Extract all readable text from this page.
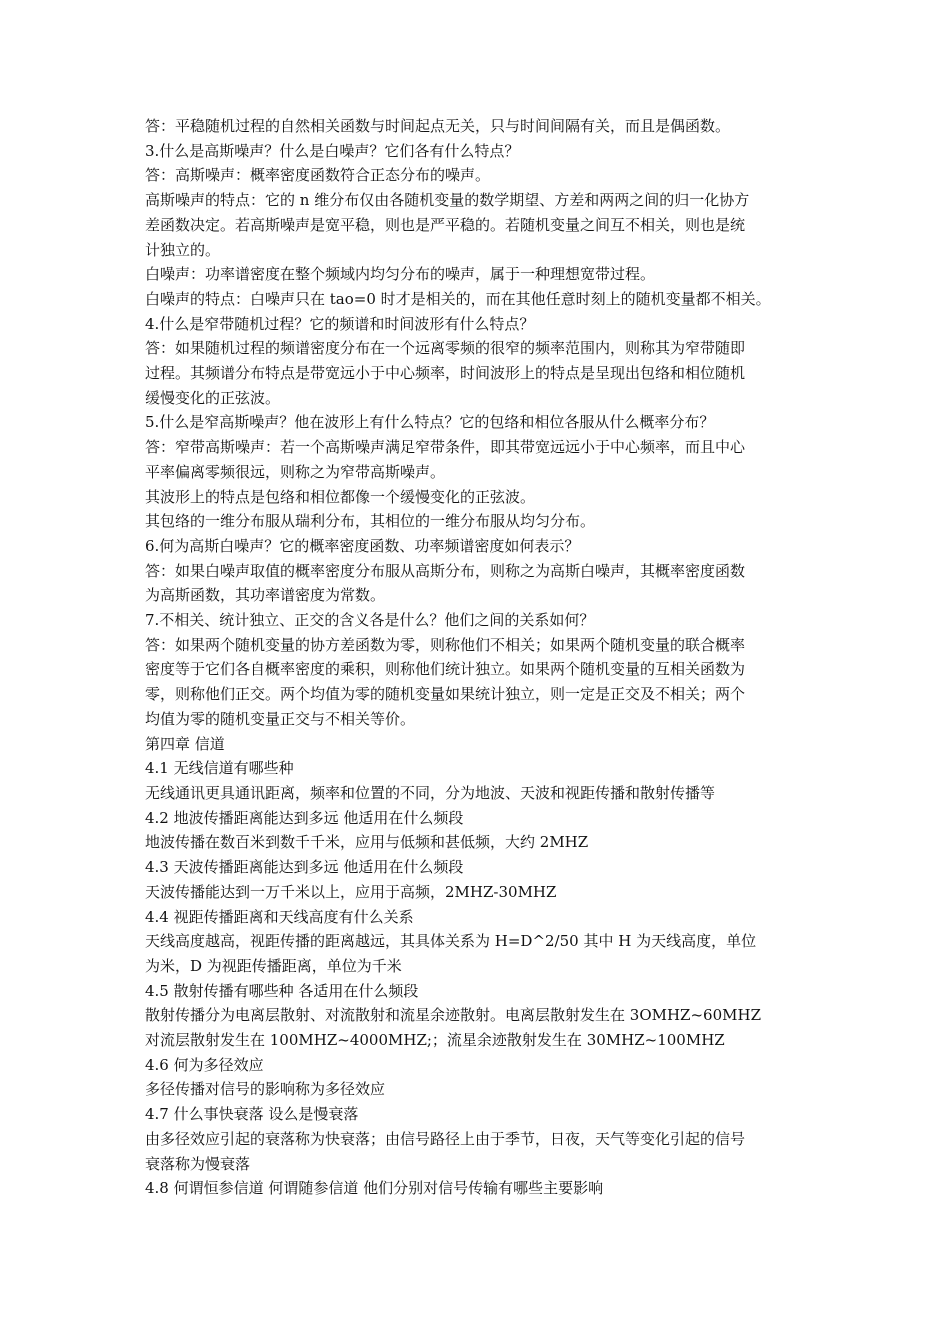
答：平稳随机过程的自然相关函数与时间起点无关，只与时间间隔有关，而且是偶函数。

3.什么是高斯噪声？什么是白噪声？它们各有什么特点？

答：高斯噪声：概率密度函数符合正态分布的噪声。

高斯噪声的特点：它的 n 维分布仅由各随机变量的数学期望、方差和两两之间的归一化协方

差函数决定。若高斯噪声是宽平稳，则也是严平稳的。若随机变量之间互不相关，则也是统

计独立的。

白噪声：功率谱密度在整个频域内均匀分布的噪声，属于一种理想宽带过程。

白噪声的特点：白噪声只在 tao=0 时才是相关的，而在其他任意时刻上的随机变量都不相关。

4.什么是窄带随机过程？它的频谱和时间波形有什么特点？

答：如果随机过程的频谱密度分布在一个远离零频的很窄的频率范围内，则称其为窄带随即

过程。其频谱分布特点是带宽远小于中心频率，时间波形上的特点是呈现出包络和相位随机

缓慢变化的正弦波。

5.什么是窄高斯噪声？他在波形上有什么特点？它的包络和相位各服从什么概率分布？

答：窄带高斯噪声：若一个高斯噪声满足窄带条件，即其带宽远远小于中心频率，而且中心

平率偏离零频很远，则称之为窄带高斯噪声。

其波形上的特点是包络和相位都像一个缓慢变化的正弦波。

其包络的一维分布服从瑞利分布，其相位的一维分布服从均匀分布。

6.何为高斯白噪声？它的概率密度函数、功率频谱密度如何表示？

答：如果白噪声取值的概率密度分布服从高斯分布，则称之为高斯白噪声，其概率密度函数

为高斯函数，其功率谱密度为常数。

7.不相关、统计独立、正交的含义各是什么？他们之间的关系如何？

答：如果两个随机变量的协方差函数为零，则称他们不相关；如果两个随机变量的联合概率

密度等于它们各自概率密度的乘积，则称他们统计独立。如果两个随机变量的互相关函数为

零，则称他们正交。两个均值为零的随机变量如果统计独立，则一定是正交及不相关；两个

均值为零的随机变量正交与不相关等价。

第四章 信道

4.1 无线信道有哪些种

无线通讯更具通讯距离，频率和位置的不同，分为地波、天波和视距传播和散射传播等

4.2 地波传播距离能达到多远 他适用在什么频段

地波传播在数百米到数千千米，应用与低频和甚低频，大约 2MHZ

4.3 天波传播距离能达到多远 他适用在什么频段

天波传播能达到一万千米以上，应用于高频，2MHZ-30MHZ

4.4 视距传播距离和天线高度有什么关系

天线高度越高，视距传播的距离越远，其具体关系为 H=D^2/50 其中 H 为天线高度，单位

为米，D 为视距传播距离，单位为千米

4.5 散射传播有哪些种 各适用在什么频段

散射传播分为电离层散射、对流散射和流星余迹散射。电离层散射发生在 3OMHZ~60MHZ

对流层散射发生在 100MHZ~4000MHZ;；流星余迹散射发生在 30MHZ~100MHZ

4.6 何为多径效应

多径传播对信号的影响称为多径效应

4.7 什么事快衰落 设么是慢衰落

由多径效应引起的衰落称为快衰落；由信号路径上由于季节，日夜，天气等变化引起的信号

衰落称为慢衰落

4.8 何谓恒参信道 何谓随参信道 他们分别对信号传输有哪些主要影响
